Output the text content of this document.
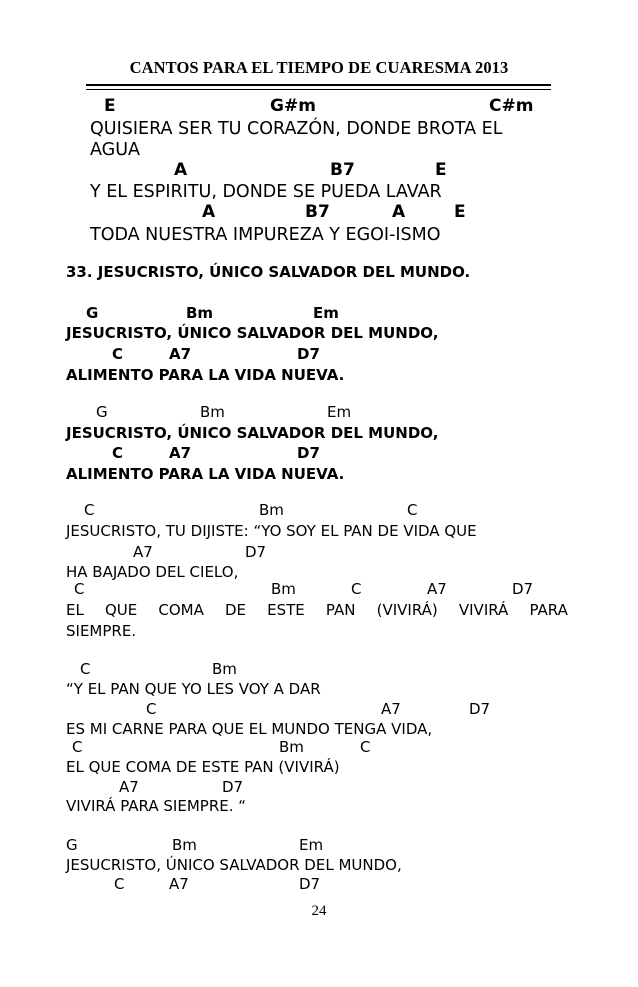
CANTOS PARA EL TIEMPO DE CUARESMA 2013
E	G#m	C#m
QUISIERA SER TU CORAZÓN, DONDE BROTA EL
AGUA
A	B7	E
Y EL ESPIRITU, DONDE SE PUEDA LAVAR
A	B7	A	E
TODA NUESTRA IMPUREZA Y EGOI-ISMO
33. JESUCRISTO, ÚNICO SALVADOR DEL MUNDO.
G	Bm	Em
JESUCRISTO, ÚNICO SALVADOR DEL MUNDO,
C	A7	D7
ALIMENTO PARA LA VIDA NUEVA.
G	Bm	Em
JESUCRISTO, ÚNICO SALVADOR DEL MUNDO,
C	A7	D7
ALIMENTO PARA LA VIDA NUEVA.
C	Bm	C
JESUCRISTO, TU DIJISTE: “YO SOY EL PAN DE VIDA QUE
A7	D7
HA BAJADO DEL CIELO,
C	Bm	C	A7	D7
EL QUE COMA DE ESTE PAN (VIVIRÁ) VIVIRÁ PARA
SIEMPRE.
C	Bm
“Y EL PAN QUE YO LES VOY A DAR
C	A7	D7
ES MI CARNE PARA QUE EL MUNDO TENGA VIDA,
C	Bm	C
EL QUE COMA DE ESTE PAN (VIVIRÁ)
A7	D7
VIVIRÁ PARA SIEMPRE. “
G	Bm	Em
JESUCRISTO, ÚNICO SALVADOR DEL MUNDO,
C	A7	D7
24
